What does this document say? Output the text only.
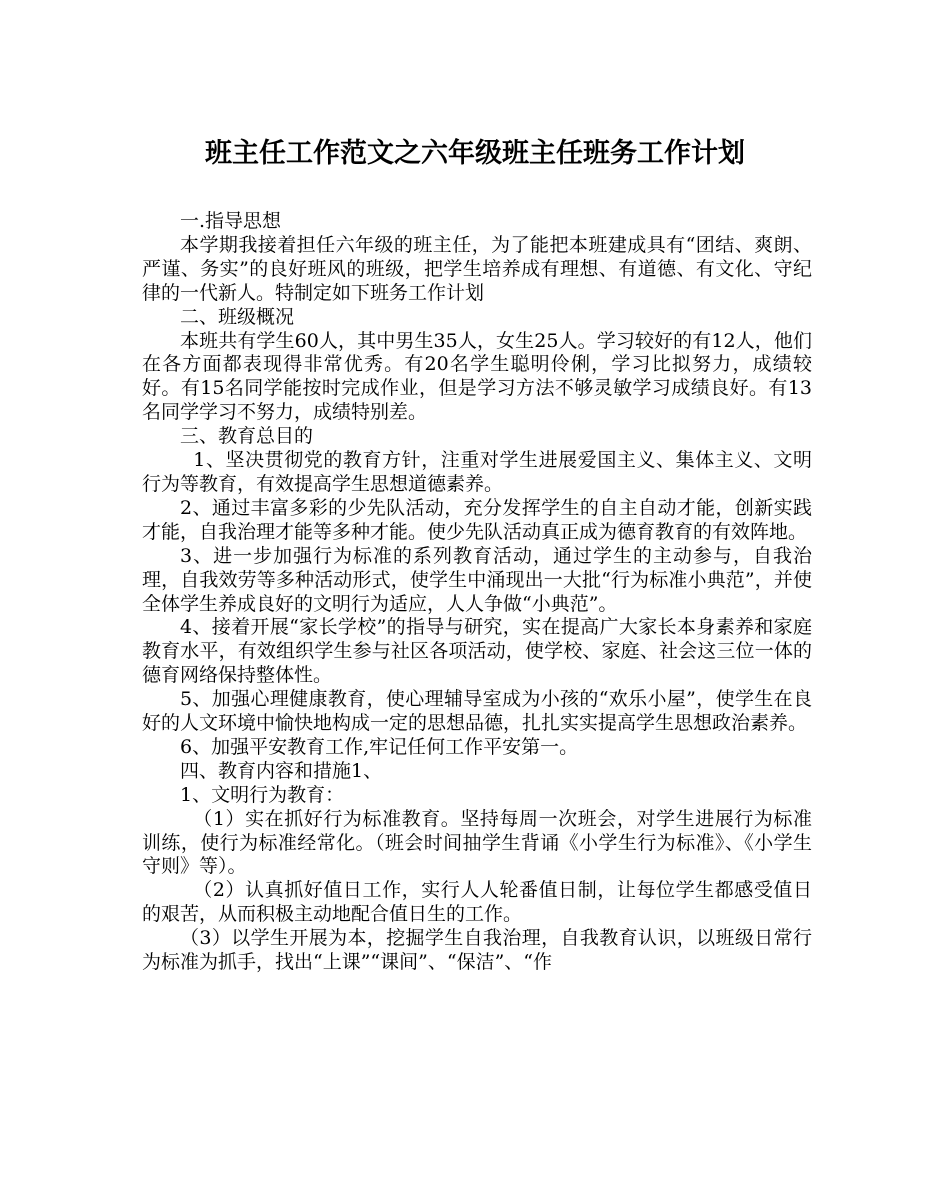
班主任工作范文之六年级班主任班务工作计划

一.指导思想

本学期我接着担任六年级的班主任，为了能把本班建成具有“团结、爽朗、严谨、务实”的良好班风的班级，把学生培养成有理想、有道德、有文化、守纪律的一代新人。特制定如下班务工作计划

二、班级概况

本班共有学生60人，其中男生35人，女生25人。学习较好的有12人，他们在各方面都表现得非常优秀。有20名学生聪明伶俐，学习比拟努力，成绩较好。有15名同学能按时完成作业，但是学习方法不够灵敏学习成绩良好。有13名同学学习不努力，成绩特别差。

三、教育总目的

1、坚决贯彻党的教育方针，注重对学生进展爱国主义、集体主义、文明行为等教育，有效提高学生思想道德素养。

2、通过丰富多彩的少先队活动，充分发挥学生的自主自动才能，创新实践才能，自我治理才能等多种才能。使少先队活动真正成为德育教育的有效阵地。

3、进一步加强行为标准的系列教育活动，通过学生的主动参与，自我治理，自我效劳等多种活动形式，使学生中涌现出一大批“行为标准小典范”，并使全体学生养成良好的文明行为适应，人人争做“小典范”。

4、接着开展“家长学校”的指导与研究，实在提高广大家长本身素养和家庭教育水平，有效组织学生参与社区各项活动，使学校、家庭、社会这三位一体的德育网络保持整体性。

5、加强心理健康教育，使心理辅导室成为小孩的“欢乐小屋”，使学生在良好的人文环境中愉快地构成一定的思想品德，扎扎实实提高学生思想政治素养。

6、加强平安教育工作,牢记任何工作平安第一。

四、教育内容和措施1、

1、文明行为教育：

（1）实在抓好行为标准教育。坚持每周一次班会，对学生进展行为标准训练，使行为标准经常化。（班会时间抽学生背诵《小学生行为标准》、《小学生守则》等）。

（2）认真抓好值日工作，实行人人轮番值日制，让每位学生都感受值日的艰苦，从而积极主动地配合值日生的工作。

（3）以学生开展为本，挖掘学生自我治理，自我教育认识，以班级日常行为标准为抓手，找出“上课”“课间”、“保洁”、“作
